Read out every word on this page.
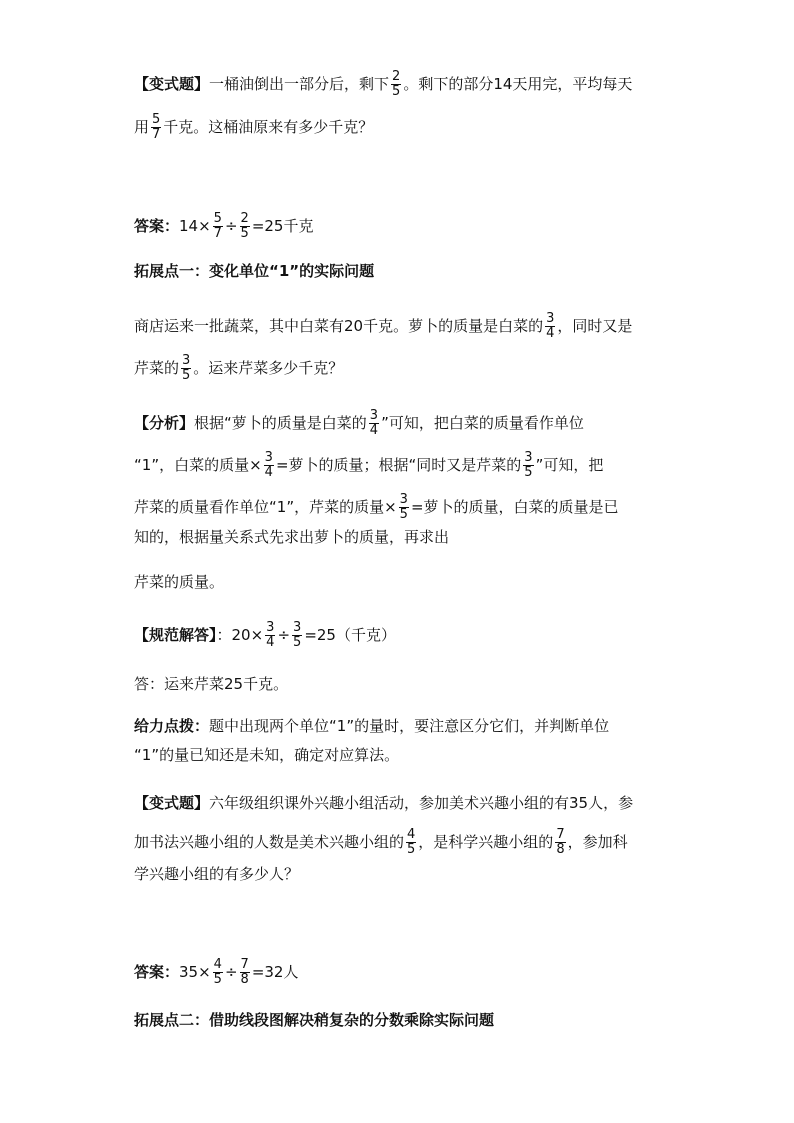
【变式题】一桶油倒出一部分后，剩下 $\frac{2}{5}$ 。剩下的部分14天用完，平均每天
用 $\frac{5}{7}$ 千克。这桶油原来有多少千克？
答案：$14\times \frac{5}{7} \div \frac{2}{5} =25$千克
拓展点一：变化单位“1”的实际问题
商店运来一批蔬菜，其中白菜有20千克。萝卜的质量是白菜的 $\frac{3}{4}$ ，同时又是
芹菜的 $\frac{3}{5}$ 。运来芹菜多少千克？
【分析】根据“萝卜的质量是白菜的 $\frac{3}{4}$ ”可知，把白菜的质量看作单位
“1”，白菜的质量× $\frac{3}{4}$ =萝卜的质量；根据“同时又是芹菜的 $\frac{3}{5}$ ”可知，把
芹菜的质量看作单位“1”，芹菜的质量× $\frac{3}{5}$ =萝卜的质量，白菜的质量是已
知的，根据量关系式先求出萝卜的质量，再求出
芹菜的质量。
【规范解答】：$20\times \frac{3}{4} \div \frac{3}{5} =25$（千克）
答：运来芹菜25千克。
给力点拨：题中出现两个单位“1”的量时，要注意区分它们，并判断单位
“1”的量已知还是未知，确定对应算法。
【变式题】六年级组织课外兴趣小组活动，参加美术兴趣小组的有35人，参
加书法兴趣小组的人数是美术兴趣小组的 $\frac{4}{5}$ ，是科学兴趣小组的 $\frac{7}{8}$ ，参加科
学兴趣小组的有多少人？
答案：$35\times \frac{4}{5} \div \frac{7}{8} =32$人
拓展点二：借助线段图解决稍复杂的分数乘除实际问题
